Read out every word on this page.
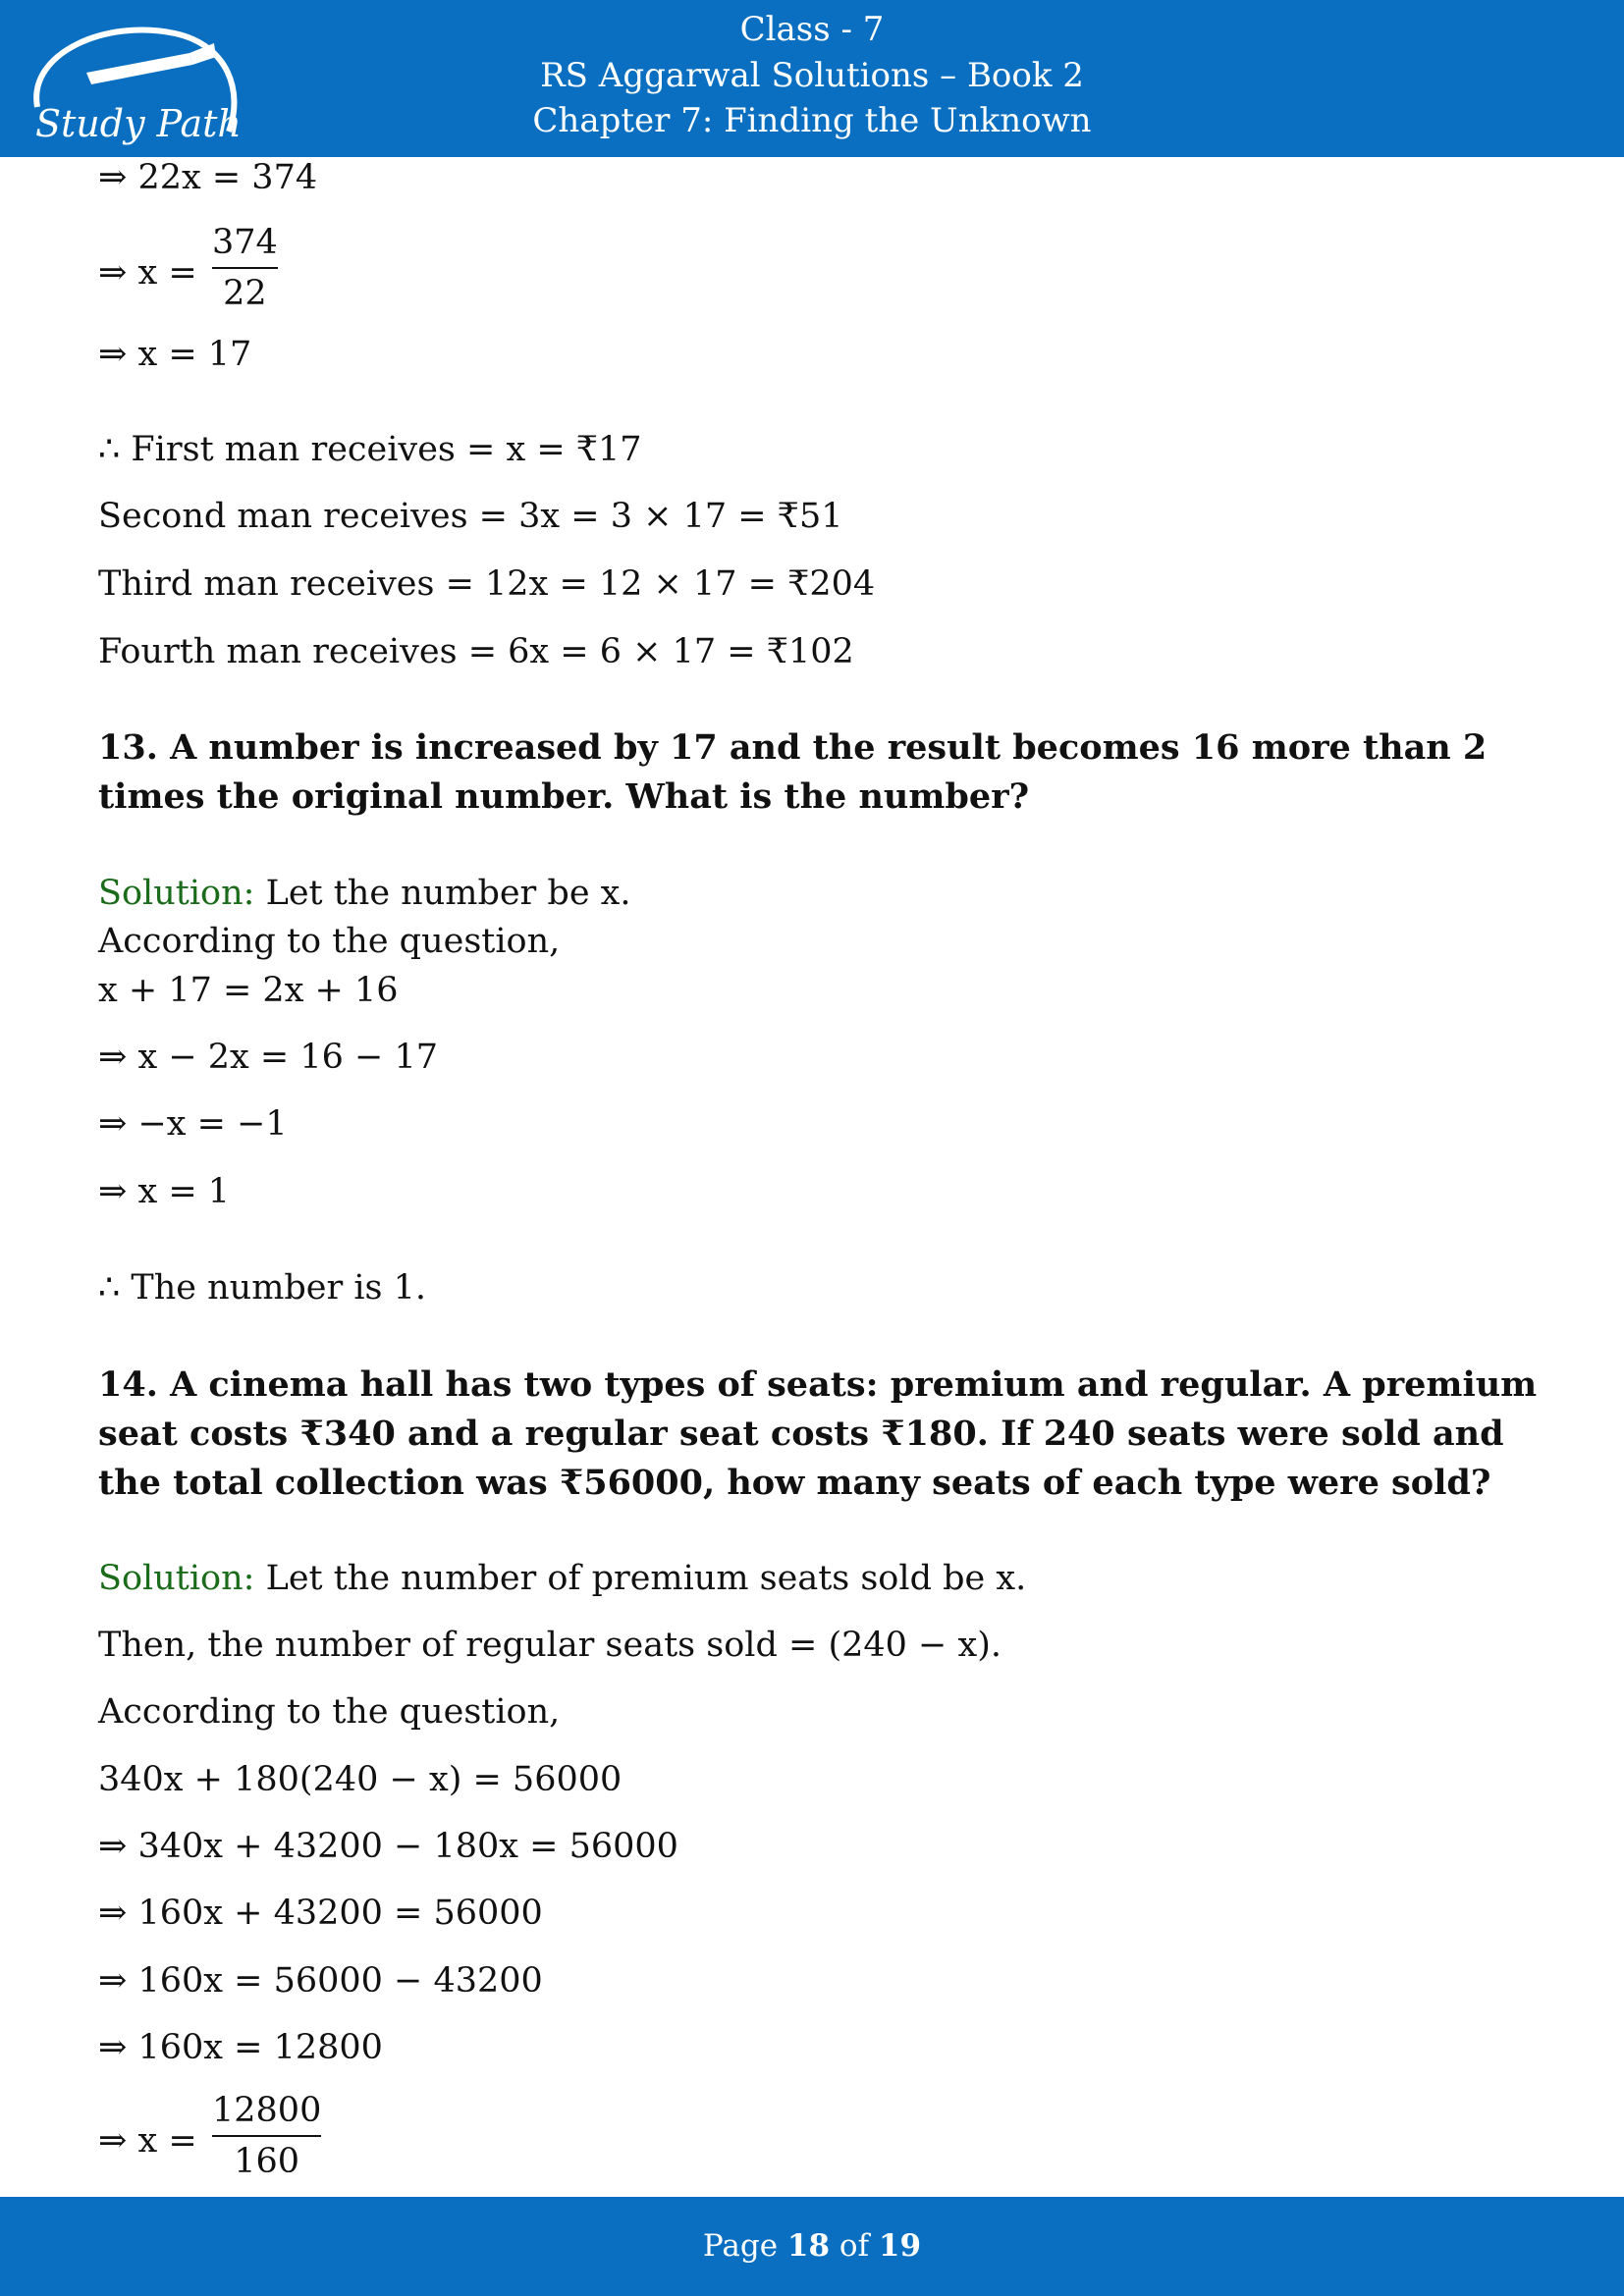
Study Path
Class - 7
RS Aggarwal Solutions – Book 2
Chapter 7: Finding the Unknown
⇒ 22x = 374
⇒ $x = \frac{374}{22}$
⇒ x = 17
∴ First man receives = x = ₹17
Second man receives = 3x = 3 × 17 = ₹51
Third man receives = 12x = 12 × 17 = ₹204
Fourth man receives = 6x = 6 × 17 = ₹102
13. A number is increased by 17 and the result becomes 16 more than 2 times the original number. What is the number?
Solution: Let the number be x.
According to the question,
x + 17 = 2x + 16
⇒ x − 2x = 16 − 17
⇒ −x = −1
⇒ x = 1
∴ The number is 1.
14. A cinema hall has two types of seats: premium and regular. A premium seat costs ₹340 and a regular seat costs ₹180. If 240 seats were sold and the total collection was ₹56000, how many seats of each type were sold?
Solution: Let the number of premium seats sold be x.
Then, the number of regular seats sold = (240 − x).
According to the question,
340x + 180(240 − x) = 56000
⇒ 340x + 43200 − 180x = 56000
⇒ 160x + 43200 = 56000
⇒ 160x = 56000 − 43200
⇒ 160x = 12800
⇒ $x = \frac{12800}{160}$
Page 18 of 19
